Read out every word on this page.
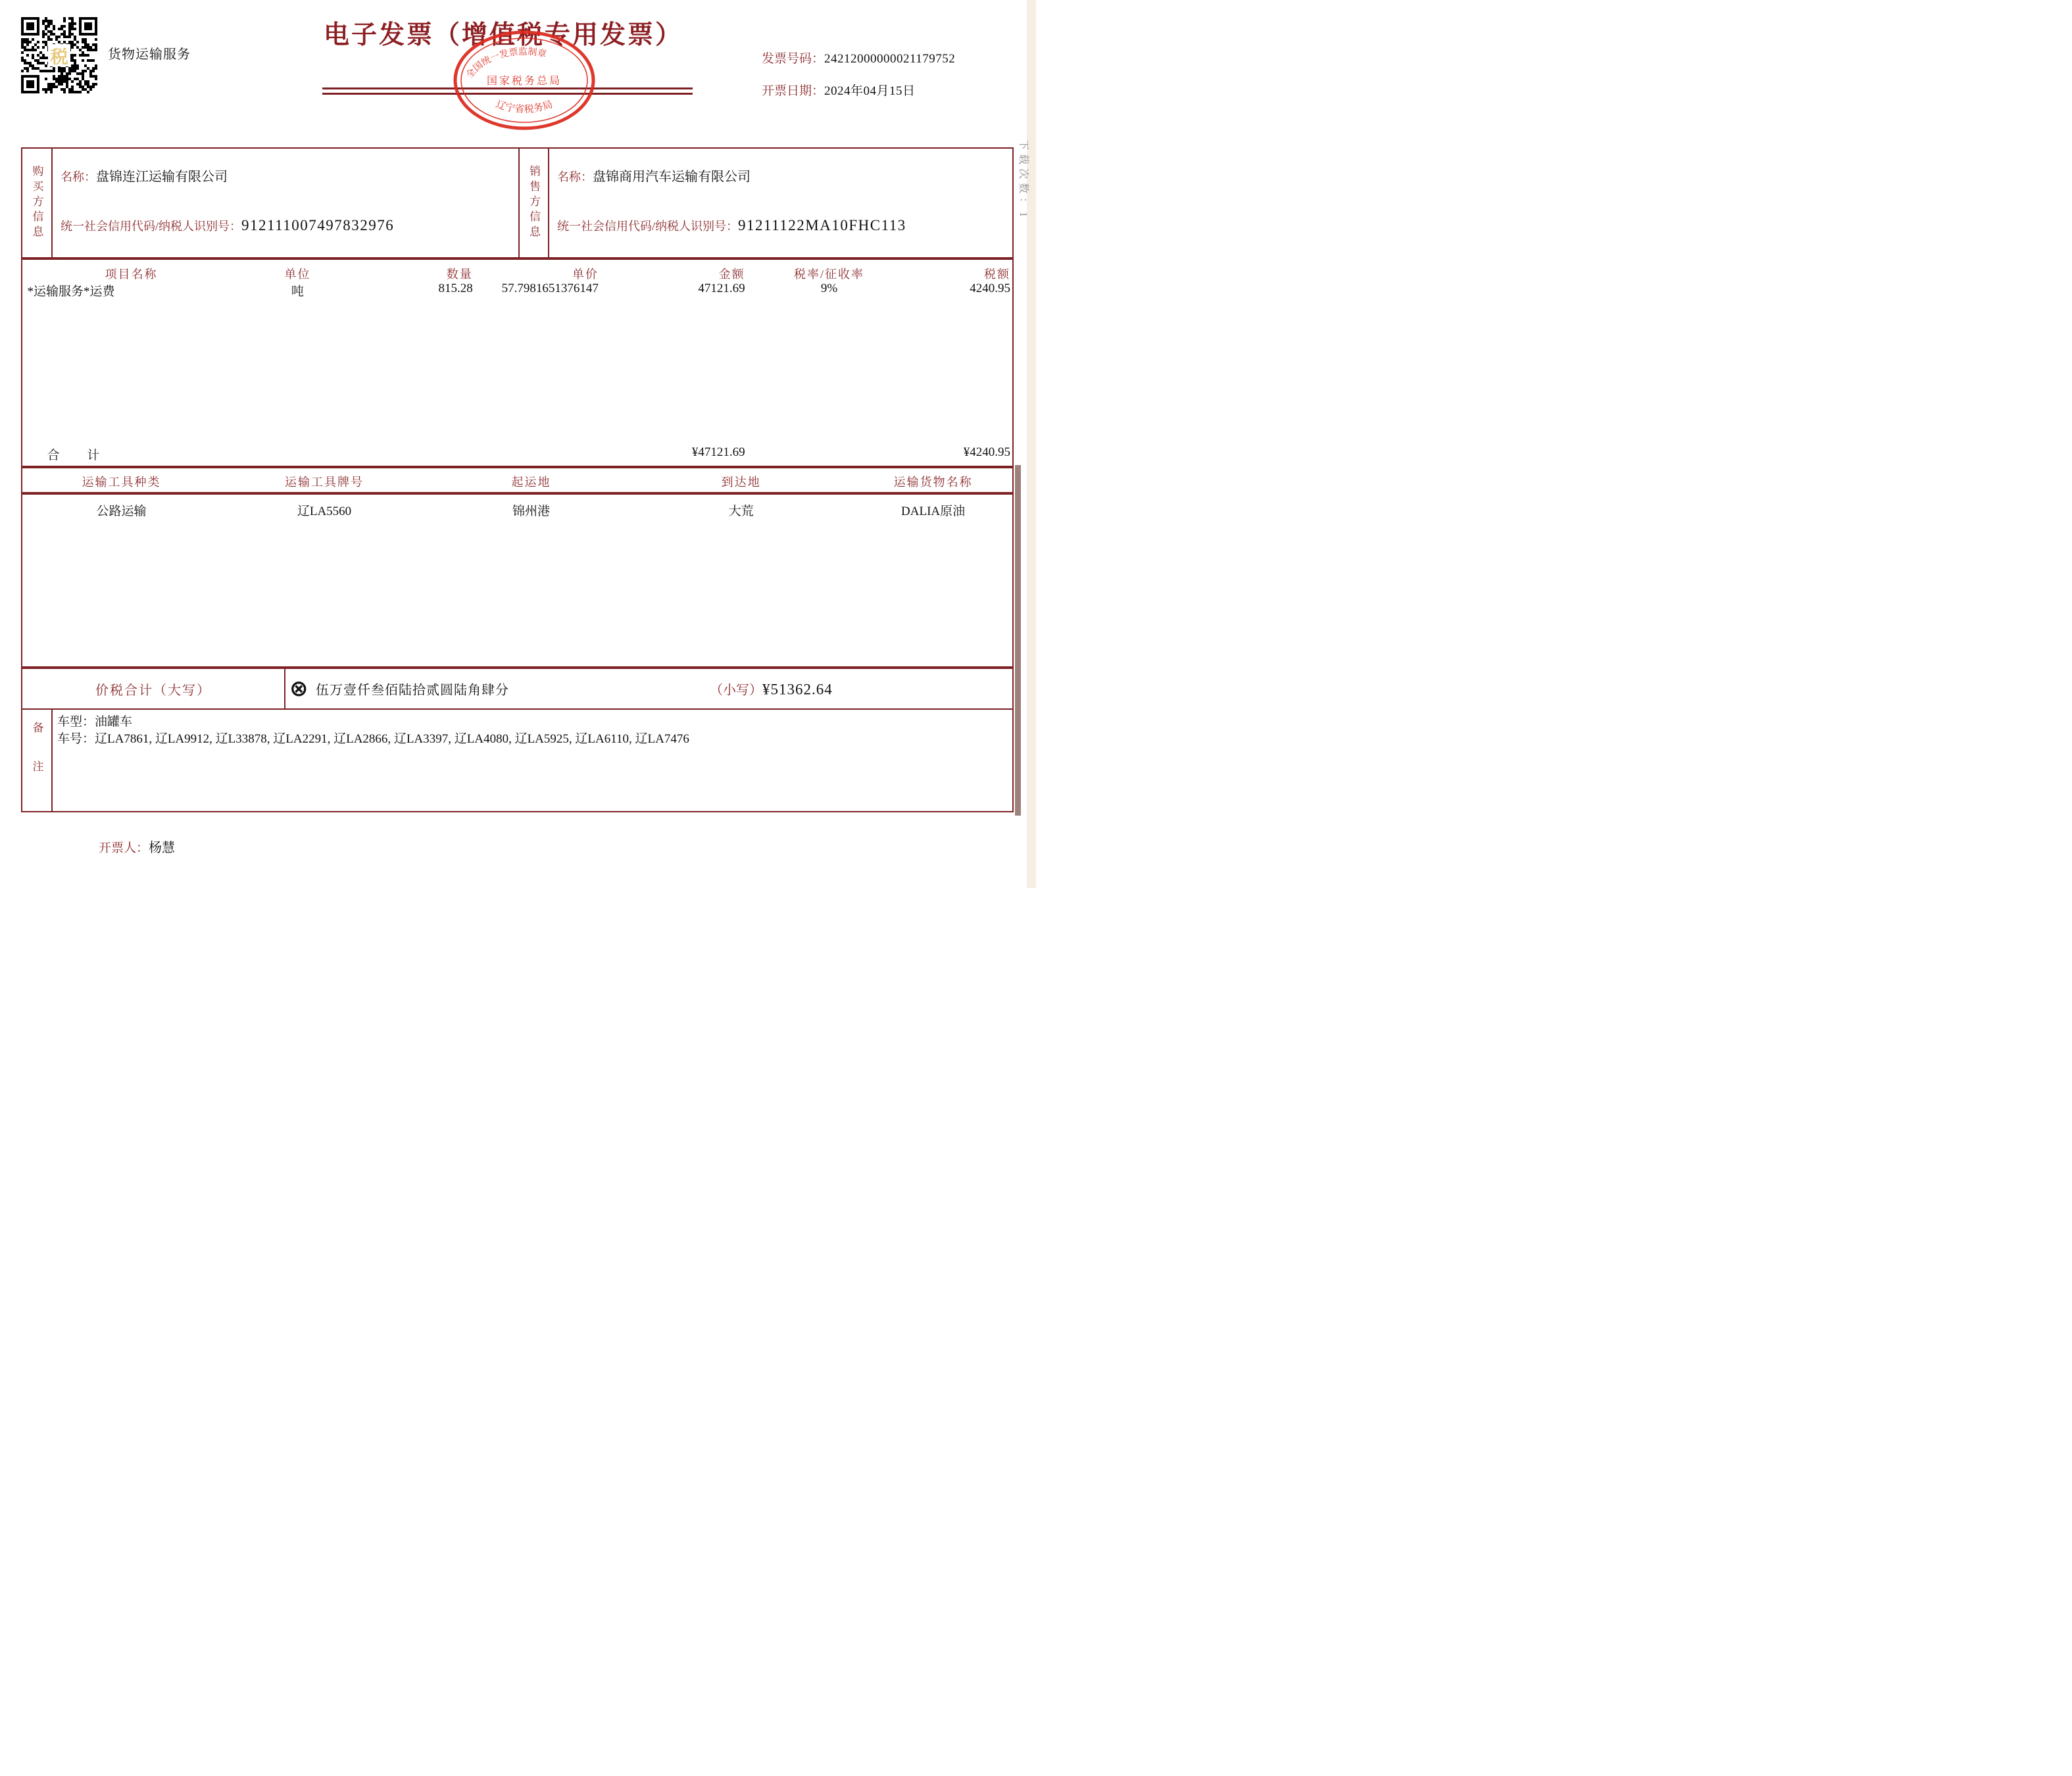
税	货物运输服务
电子发票（增值税专用发票）
全国统一发票监制章
国家税务总局
辽宁省税务局
发票号码：24212000000021179752
开票日期：2024年04月15日
下载次数：1
购买方信息	销售方信息
名称：盘锦连江运输有限公司
统一社会信用代码/纳税人识别号：912111007497832976
名称：盘锦商用汽车运输有限公司
统一社会信用代码/纳税人识别号：91211122MA10FHC113
项目名称	单位	数量	单价	金额	税率/征收率	税额
*运输服务*运费	吨	815.28	57.7981651376147	47121.69	9%	4240.95
合计	¥47121.69	¥4240.95
运输工具种类	运输工具牌号	起运地	到达地	运输货物名称
公路运输	辽LA5560	锦州港	大荒	DALIA原油
价税合计（大写）	⊗ 伍万壹仟叁佰陆拾贰圆陆角肆分	（小写）¥51362.64
备注	车型：油罐车
车号：辽LA7861, 辽LA9912, 辽L33878, 辽LA2291, 辽LA2866, 辽LA3397, 辽LA4080, 辽LA5925, 辽LA6110, 辽LA7476
开票人：杨慧
